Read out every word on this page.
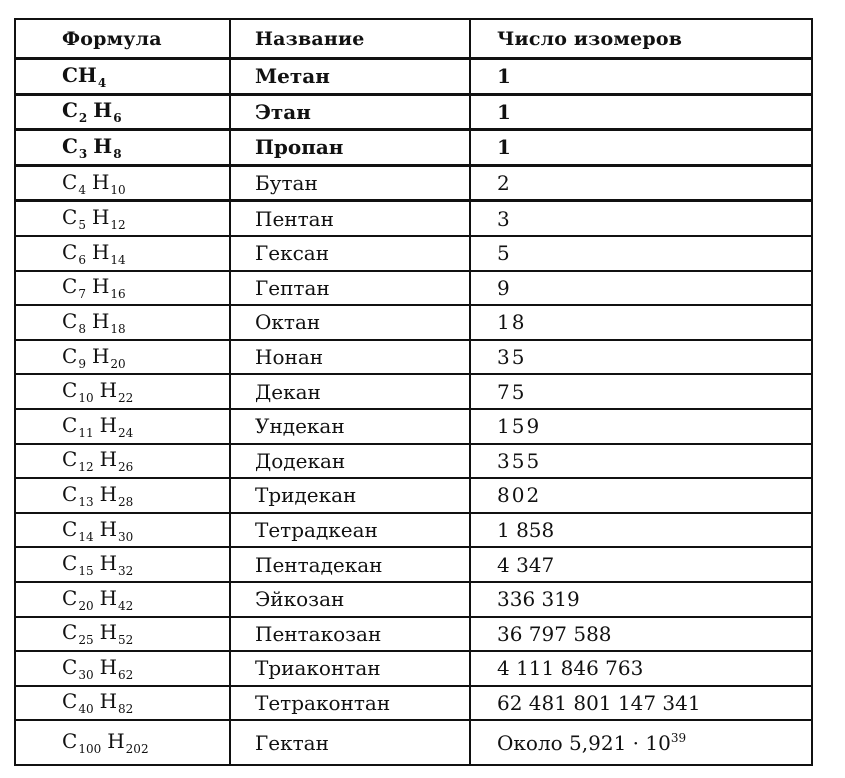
Формула	Название	Число изомеров
$CH_4$	Метан	1
$C_2$ $H_6$	Этан	1
$C_3$ $H_8$	Пропан	1
$C_4$ $H_{10}$	Бутан	2
$C_5$ $H_{12}$	Пентан	3
$C_6$ $H_{14}$	Гексан	5
$C_7$ $H_{16}$	Гептан	9
$C_8$ $H_{18}$	Октан	18
$C_9$ $H_{20}$	Нонан	35
$C_{10}$ $H_{22}$	Декан	75
$C_{11}$ $H_{24}$	Ундекан	159
$C_{12}$ $H_{26}$	Додекан	355
$C_{13}$ $H_{28}$	Тридекан	802
$C_{14}$ $H_{30}$	Тетрадкеан	1 858
$C_{15}$ $H_{32}$	Пентадекан	4 347
$C_{20}$ $H_{42}$	Эйкозан	336 319
$C_{25}$ $H_{52}$	Пентакозан	36 797 588
$C_{30}$ $H_{62}$	Триаконтан	4 111 846 763
$C_{40}$ $H_{82}$	Тетраконтан	62 481 801 147 341
$C_{100}$ $H_{202}$	Гектан	Около $5,921 \cdot 10^{39}$
